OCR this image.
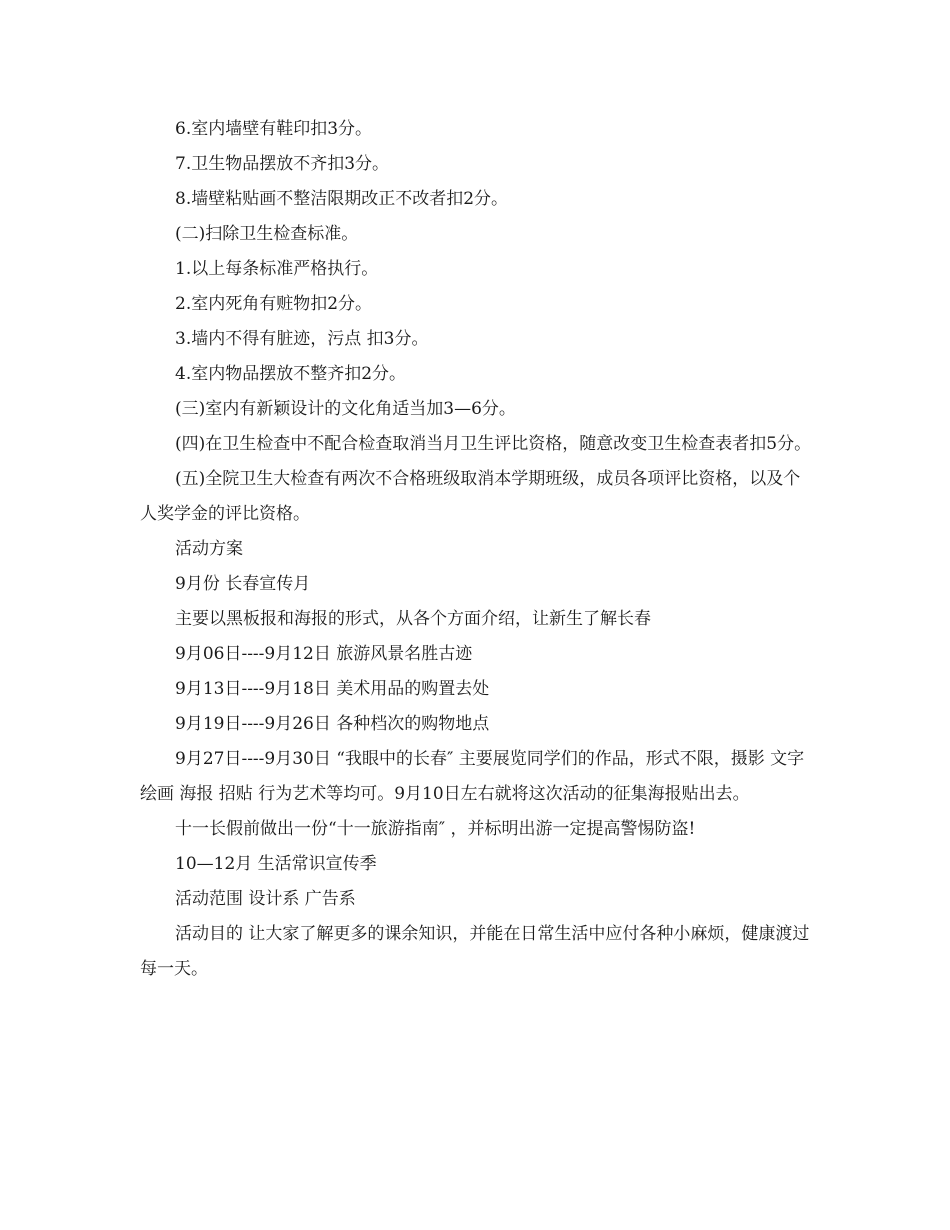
6.室内墙壁有鞋印扣3分。

7.卫生物品摆放不齐扣3分。

8.墙壁粘贴画不整洁限期改正不改者扣2分。

(二)扫除卫生检查标准。

1.以上每条标准严格执行。

2.室内死角有赃物扣2分。

3.墙内不得有脏迹，污点 扣3分。

4.室内物品摆放不整齐扣2分。

(三)室内有新颖设计的文化角适当加3—6分。

(四)在卫生检查中不配合检查取消当月卫生评比资格，随意改变卫生检查表者扣5分。

(五)全院卫生大检查有两次不合格班级取消本学期班级，成员各项评比资格，以及个人奖学金的评比资格。

活动方案

9月份 长春宣传月

主要以黑板报和海报的形式，从各个方面介绍，让新生了解长春

9月06日----9月12日 旅游风景名胜古迹

9月13日----9月18日 美术用品的购置去处

9月19日----9月26日 各种档次的购物地点

9月27日----9月30日 “我眼中的长春″ 主要展览同学们的作品，形式不限，摄影 文字 绘画 海报 招贴 行为艺术等均可。9月10日左右就将这次活动的征集海报贴出去。

十一长假前做出一份“十一旅游指南″ ，并标明出游一定提高警惕防盗!

10—12月 生活常识宣传季

活动范围 设计系 广告系

活动目的 让大家了解更多的课余知识，并能在日常生活中应付各种小麻烦，健康渡过每一天。
